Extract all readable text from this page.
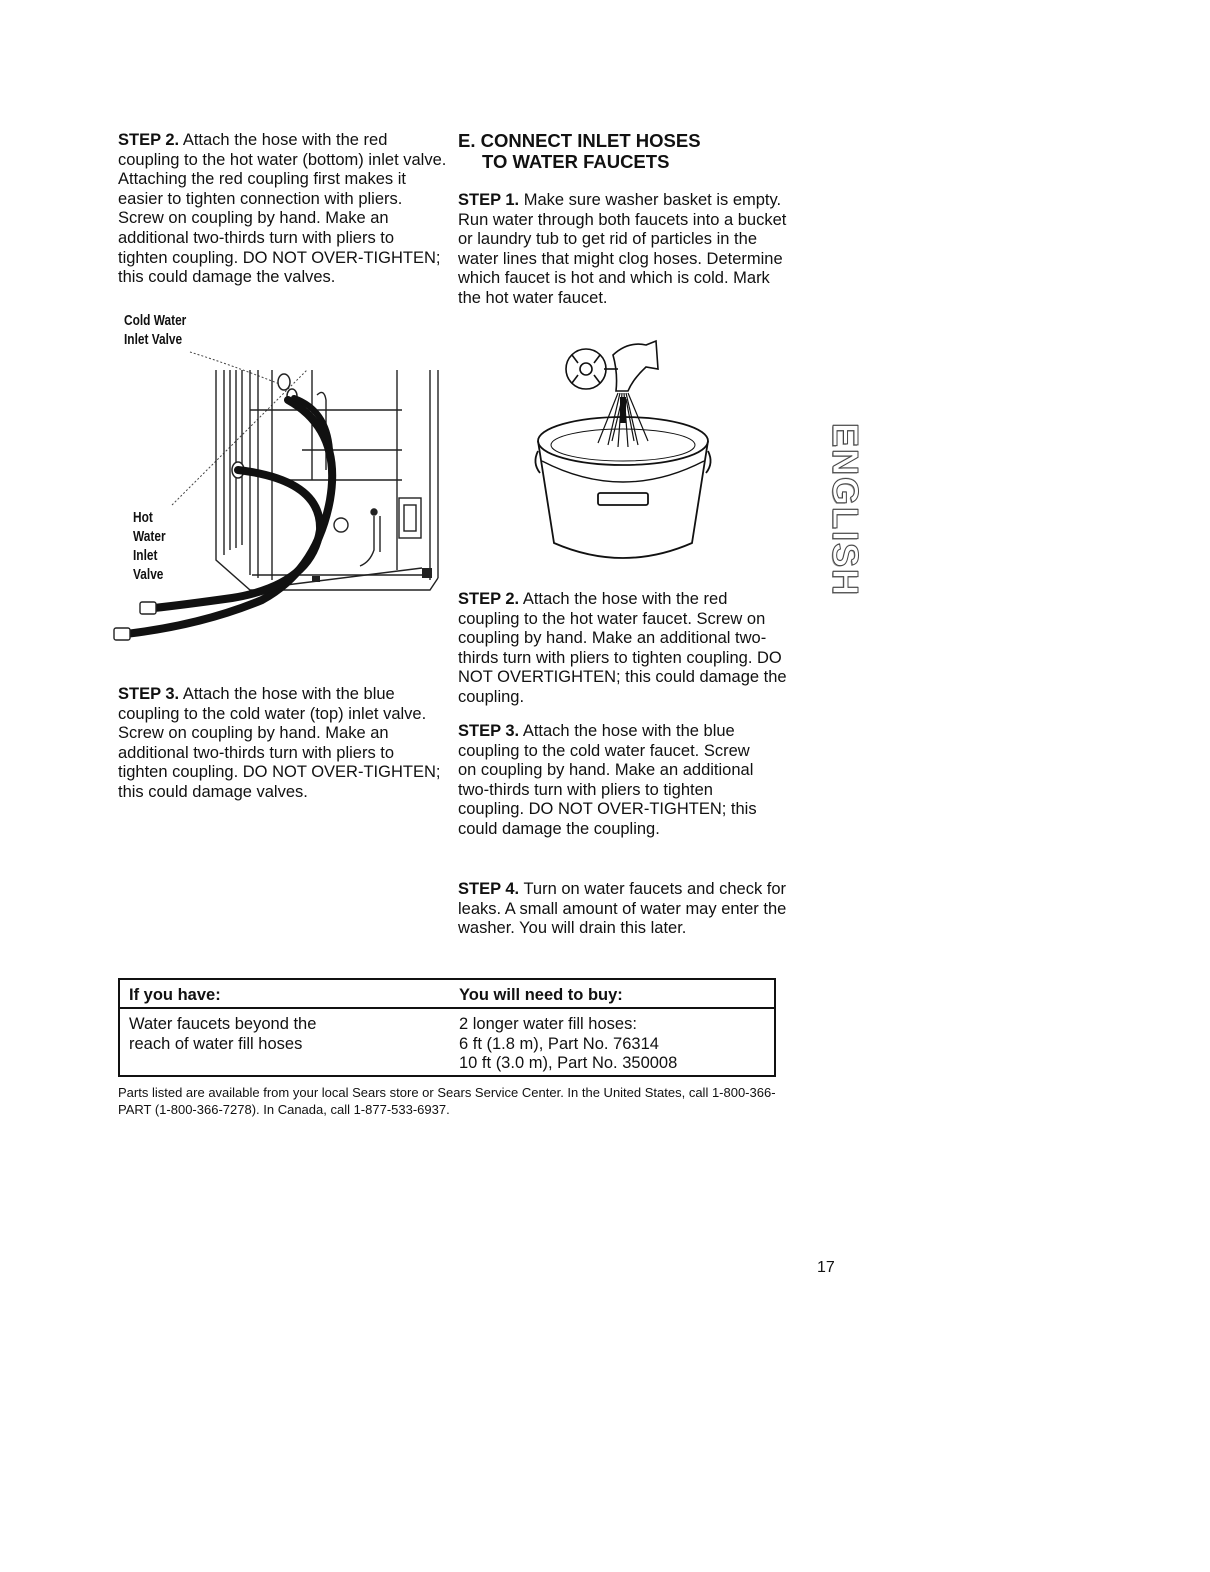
STEP 2. Attach the hose with the red coupling to the hot water (bottom) inlet valve. Attaching the red coupling first makes it easier to tighten connection with pliers. Screw on coupling by hand. Make an additional two-thirds turn with pliers to tighten coupling. DO NOT OVER-TIGHTEN; this could damage the valves.

Cold Water
Inlet Valve
Hot
Water
Inlet
Valve

STEP 3. Attach the hose with the blue coupling to the cold water (top) inlet valve. Screw on coupling by hand. Make an additional two-thirds turn with pliers to tighten coupling. DO NOT OVER-TIGHTEN; this could damage valves.

E. CONNECT INLET HOSES
TO WATER FAUCETS

STEP 1. Make sure washer basket is empty. Run water through both faucets into a bucket or laundry tub to get rid of particles in the water lines that might clog hoses. Determine which faucet is hot and which is cold. Mark the hot water faucet.

STEP 2. Attach the hose with the red coupling to the hot water faucet. Screw on coupling by hand. Make an additional two-thirds turn with pliers to tighten coupling. DO NOT OVERTIGHTEN; this could damage the coupling.

STEP 3. Attach the hose with the blue coupling to the cold water faucet. Screw on coupling by hand. Make an additional two-thirds turn with pliers to tighten coupling. DO NOT OVER-TIGHTEN; this could damage the coupling.

STEP 4. Turn on water faucets and check for leaks. A small amount of water may enter the washer. You will drain this later.

ENGLISH
If you have:	You will need to buy:
Water faucets beyond the
reach of water fill hoses
2 longer water fill hoses:
6 ft (1.8 m), Part No. 76314
10 ft (3.0 m), Part No. 350008
Parts listed are available from your local Sears store or Sears Service Center. In the United States, call 1-800-366-PART (1-800-366-7278). In Canada, call 1-877-533-6937.
17
